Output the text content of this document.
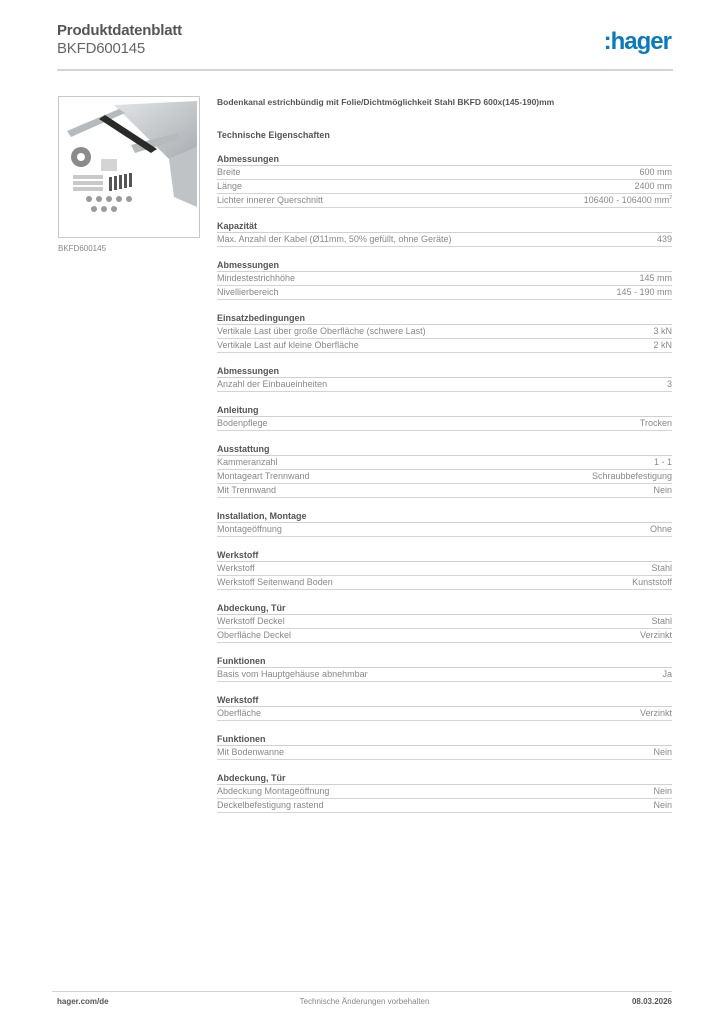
Produktdatenblatt
BKFD600145	:hager
BKFD600145
Bodenkanal estrichbündig mit Folie/Dichtmöglichkeit Stahl BKFD 600x(145-190)mm
Technische Eigenschaften
Abmessungen
Breite	600 mm
Länge	2400 mm
Lichter innerer Querschnitt	106400 - 106400 $mm^2$
Kapazität
Max. Anzahl der Kabel (Ø11mm, 50% gefüllt, ohne Geräte)	439
Abmessungen
Mindestestrichhöhe	145 mm
Nivellierbereich	145 - 190 mm
Einsatzbedingungen
Vertikale Last über große Oberfläche (schwere Last)	3 kN
Vertikale Last auf kleine Oberfläche	2 kN
Abmessungen
Anzahl der Einbaueinheiten	3
Anleitung
Bodenpflege	Trocken
Ausstattung
Kammeranzahl	1 - 1
Montageart Trennwand	Schraubbefestigung
Mit Trennwand	Nein
Installation, Montage
Montageöffnung	Ohne
Werkstoff
Werkstoff	Stahl
Werkstoff Seitenwand Boden	Kunststoff
Abdeckung, Tür
Werkstoff Deckel	Stahl
Oberfläche Deckel	Verzinkt
Funktionen
Basis vom Hauptgehäuse abnehmbar	Ja
Werkstoff
Oberfläche	Verzinkt
Funktionen
Mit Bodenwanne	Nein
Abdeckung, Tür
Abdeckung Montageöffnung	Nein
Deckelbefestigung rastend	Nein
hager.com/de	Technische Änderungen vorbehalten	08.03.2026
